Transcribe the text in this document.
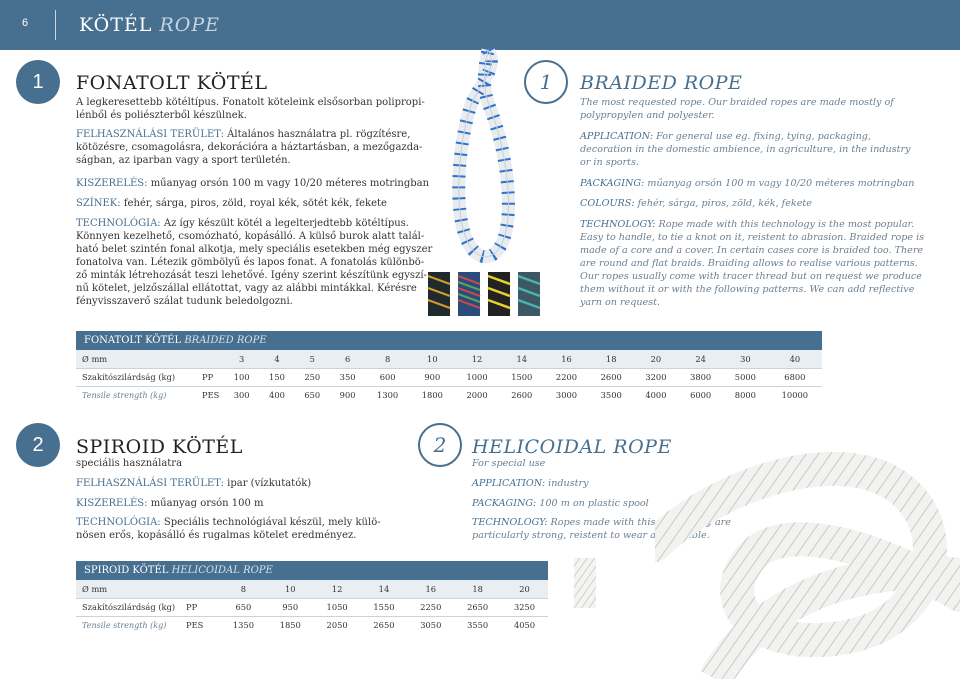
6	KÖTÉL ROPE
1	FONATOLT KÖTÉL
A legkeresettebb kötéltípus. Fonatolt köteleink elsősorban polipropi-
lénből és poliészterből készülnek.
FELHASZNÁLÁSI TERÜLET: Általános használatra pl. rögzítésre,
kötözésre, csomagolásra, dekorációra a háztartásban, a mezőgazda-
ságban, az iparban vagy a sport területén.
KISZERELÉS: műanyag orsón 100 m vagy 10/20 méteres motringban
SZÍNEK: fehér, sárga, piros, zöld, royal kék, sötét kék, fekete
TECHNOLÓGIA: Az így készült kötél a legelterjedtebb kötéltípus.
Könnyen kezelhető, csomózható, kopásálló. A külső burok alatt talál-
ható belet szintén fonal alkotja, mely speciális esetekben még egyszer
fonatolva van. Létezik gömbölyű és lapos fonat. A fonatolás különbö-
ző minták létrehozását teszi lehetővé. Igény szerint készítünk egyszí-
nű kötelet, jelzőszállal ellátottat, vagy az alábbi mintákkal. Kérésre
fényvisszaverő szálat tudunk beledolgozni.
1	BRAIDED ROPE
The most requested rope. Our braided ropes are made mostly of
polypropylen and polyester.
APPLICATION: For general use eg. fixing, tying, packaging,
decoration in the domestic ambience, in agriculture, in the industry
or in sports.
PACKAGING: műanyag orsón 100 m vagy 10/20 méteres motringban
COLOURS: fehér, sárga, piros, zöld, kék, fekete
TECHNOLOGY: Rope made with this technology is the most popular.
Easy to handle, to tie a knot on it, reistent to abrasion. Braided rope is
made of a core and a cover. In certain cases core is braided too. There
are round and flat braids. Braiding allows to realise various patterns.
Our ropes usually come with tracer thread but on request we produce
them without it or with the following patterns. We can add reflective
yarn on request.
FONATOLT KÖTÉL BRAIDED ROPE															
Ø mm		3	4	5	6	8	10	12	14	16	18	20	24	30	40
Szakítószilárdság (kg)	PP	100	150	250	350	600	900	1000	1500	2200	2600	3200	3800	5000	6800
Tensile strength (kg)	PES	300	400	650	900	1300	1800	2000	2600	3000	3500	4000	6000	8000	10000
2	SPIROID KÖTÉL
speciális használatra
FELHASZNÁLÁSI TERÜLET: ipar (vízkutatók)
KISZERELÉS: műanyag orsón 100 m
TECHNOLÓGIA: Speciális technológiával készül, mely külö-
nösen erős, kopásálló és rugalmas kötelet eredményez.
2	HELICOIDAL ROPE
For special use
APPLICATION: industry
PACKAGING: 100 m on plastic spool
TECHNOLOGY: Ropes made with this technology are
particularly strong, reistent to wear and flexible.
SPIROID KÖTÉL HELICOIDAL ROPE								
Ø mm		8	10	12	14	16	18	20
Szakítószilárdság (kg)	PP	650	950	1050	1550	2250	2650	3250
Tensile strength (kg)	PES	1350	1850	2050	2650	3050	3550	4050
